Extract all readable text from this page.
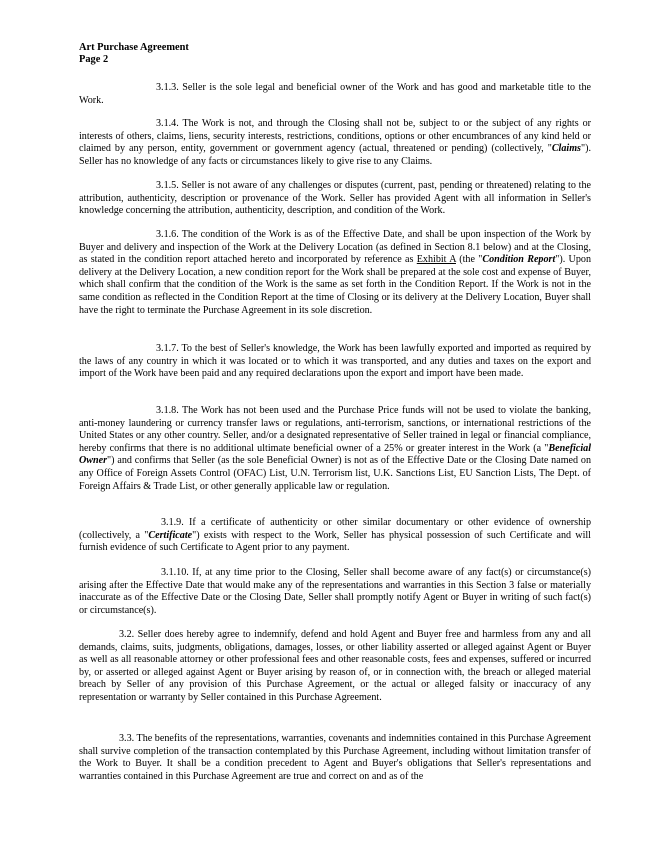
Art Purchase Agreement
Page 2

3.1.3. Seller is the sole legal and beneficial owner of the Work and has good and marketable title to the Work.

3.1.4. The Work is not, and through the Closing shall not be, subject to or the subject of any rights or interests of others, claims, liens, security interests, restrictions, conditions, options or other encumbrances of any kind held or claimed by any person, entity, government or government agency (actual, threatened or pending) (collectively, "Claims"). Seller has no knowledge of any facts or circumstances likely to give rise to any Claims.

3.1.5. Seller is not aware of any challenges or disputes (current, past, pending or threatened) relating to the attribution, authenticity, description or provenance of the Work. Seller has provided Agent with all information in Seller's knowledge concerning the attribution, authenticity, description, and condition of the Work.

3.1.6. The condition of the Work is as of the Effective Date, and shall be upon inspection of the Work by Buyer and delivery and inspection of the Work at the Delivery Location (as defined in Section 8.1 below) and at the Closing, as stated in the condition report attached hereto and incorporated by reference as Exhibit A (the "Condition Report"). Upon delivery at the Delivery Location, a new condition report for the Work shall be prepared at the sole cost and expense of Buyer, which shall confirm that the condition of the Work is the same as set forth in the Condition Report. If the Work is not in the same condition as reflected in the Condition Report at the time of Closing or its delivery at the Delivery Location, Buyer shall have the right to terminate the Purchase Agreement in its sole discretion.

3.1.7. To the best of Seller's knowledge, the Work has been lawfully exported and imported as required by the laws of any country in which it was located or to which it was transported, and any duties and taxes on the export and import of the Work have been paid and any required declarations upon the export and import have been made.

3.1.8. The Work has not been used and the Purchase Price funds will not be used to violate the banking, anti-money laundering or currency transfer laws or regulations, anti-terrorism, sanctions, or international restrictions of the United States or any other country. Seller, and/or a designated representative of Seller trained in legal or financial compliance, hereby confirms that there is no additional ultimate beneficial owner of a 25% or greater interest in the Work (a "Beneficial Owner") and confirms that Seller (as the sole Beneficial Owner) is not as of the Effective Date or the Closing Date named on any Office of Foreign Assets Control (OFAC) List, U.N. Terrorism list, U.K. Sanctions List, EU Sanction Lists, The Dept. of Foreign Affairs & Trade List, or other generally applicable law or regulation.

3.1.9. If a certificate of authenticity or other similar documentary or other evidence of ownership (collectively, a "Certificate") exists with respect to the Work, Seller has physical possession of such Certificate and will furnish evidence of such Certificate to Agent prior to any payment.

3.1.10. If, at any time prior to the Closing, Seller shall become aware of any fact(s) or circumstance(s) arising after the Effective Date that would make any of the representations and warranties in this Section 3 false or materially inaccurate as of the Effective Date or the Closing Date, Seller shall promptly notify Agent or Buyer in writing of such fact(s) or circumstance(s).

3.2. Seller does hereby agree to indemnify, defend and hold Agent and Buyer free and harmless from any and all demands, claims, suits, judgments, obligations, damages, losses, or other liability asserted or alleged against Agent or Buyer as well as all reasonable attorney or other professional fees and other reasonable costs, fees and expenses, suffered or incurred by, or asserted or alleged against Agent or Buyer arising by reason of, or in connection with, the breach or alleged material breach by Seller of any provision of this Purchase Agreement, or the actual or alleged falsity or inaccuracy of any representation or warranty by Seller contained in this Purchase Agreement.

3.3. The benefits of the representations, warranties, covenants and indemnities contained in this Purchase Agreement shall survive completion of the transaction contemplated by this Purchase Agreement, including without limitation transfer of the Work to Buyer. It shall be a condition precedent to Agent and Buyer's obligations that Seller's representations and warranties contained in this Purchase Agreement are true and correct on and as of the
